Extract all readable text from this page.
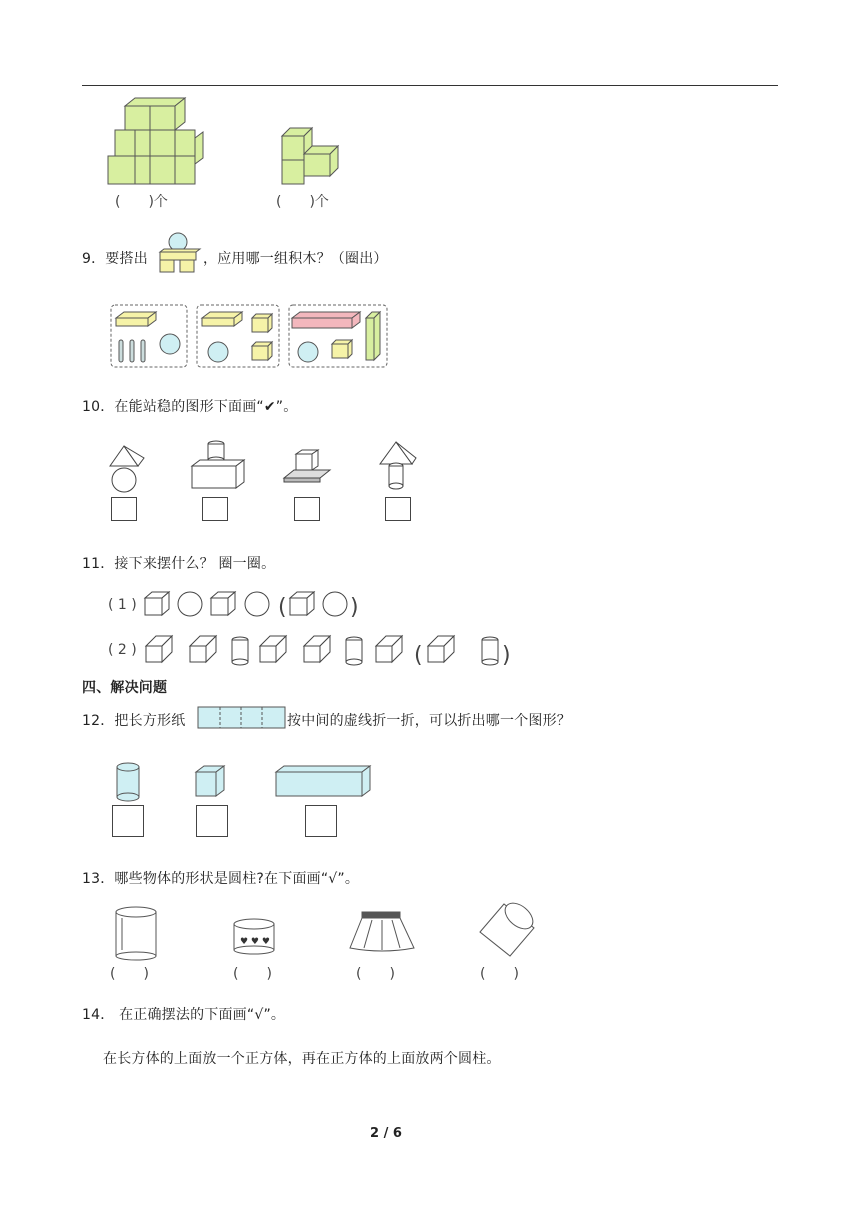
(　　)个	(　　)个
9．要搭出	，应用哪一组积木？（圈出）
10．在能站稳的图形下面画“✔”。
11．接下来摆什么？ 圈一圈。
( 1 )	(	)
( 2 )	(	)
四、解决问题
12．把长方形纸	按中间的虚线折一折，可以折出哪一个图形？
13．哪些物体的形状是圆柱?在下面画“√”。
♥ ♥ ♥
(　　)	(　　)	(　　)	(　　)
14． 在正确摆法的下面画“√”。
在长方体的上面放一个正方体，再在正方体的上面放两个圆柱。
2 / 6
